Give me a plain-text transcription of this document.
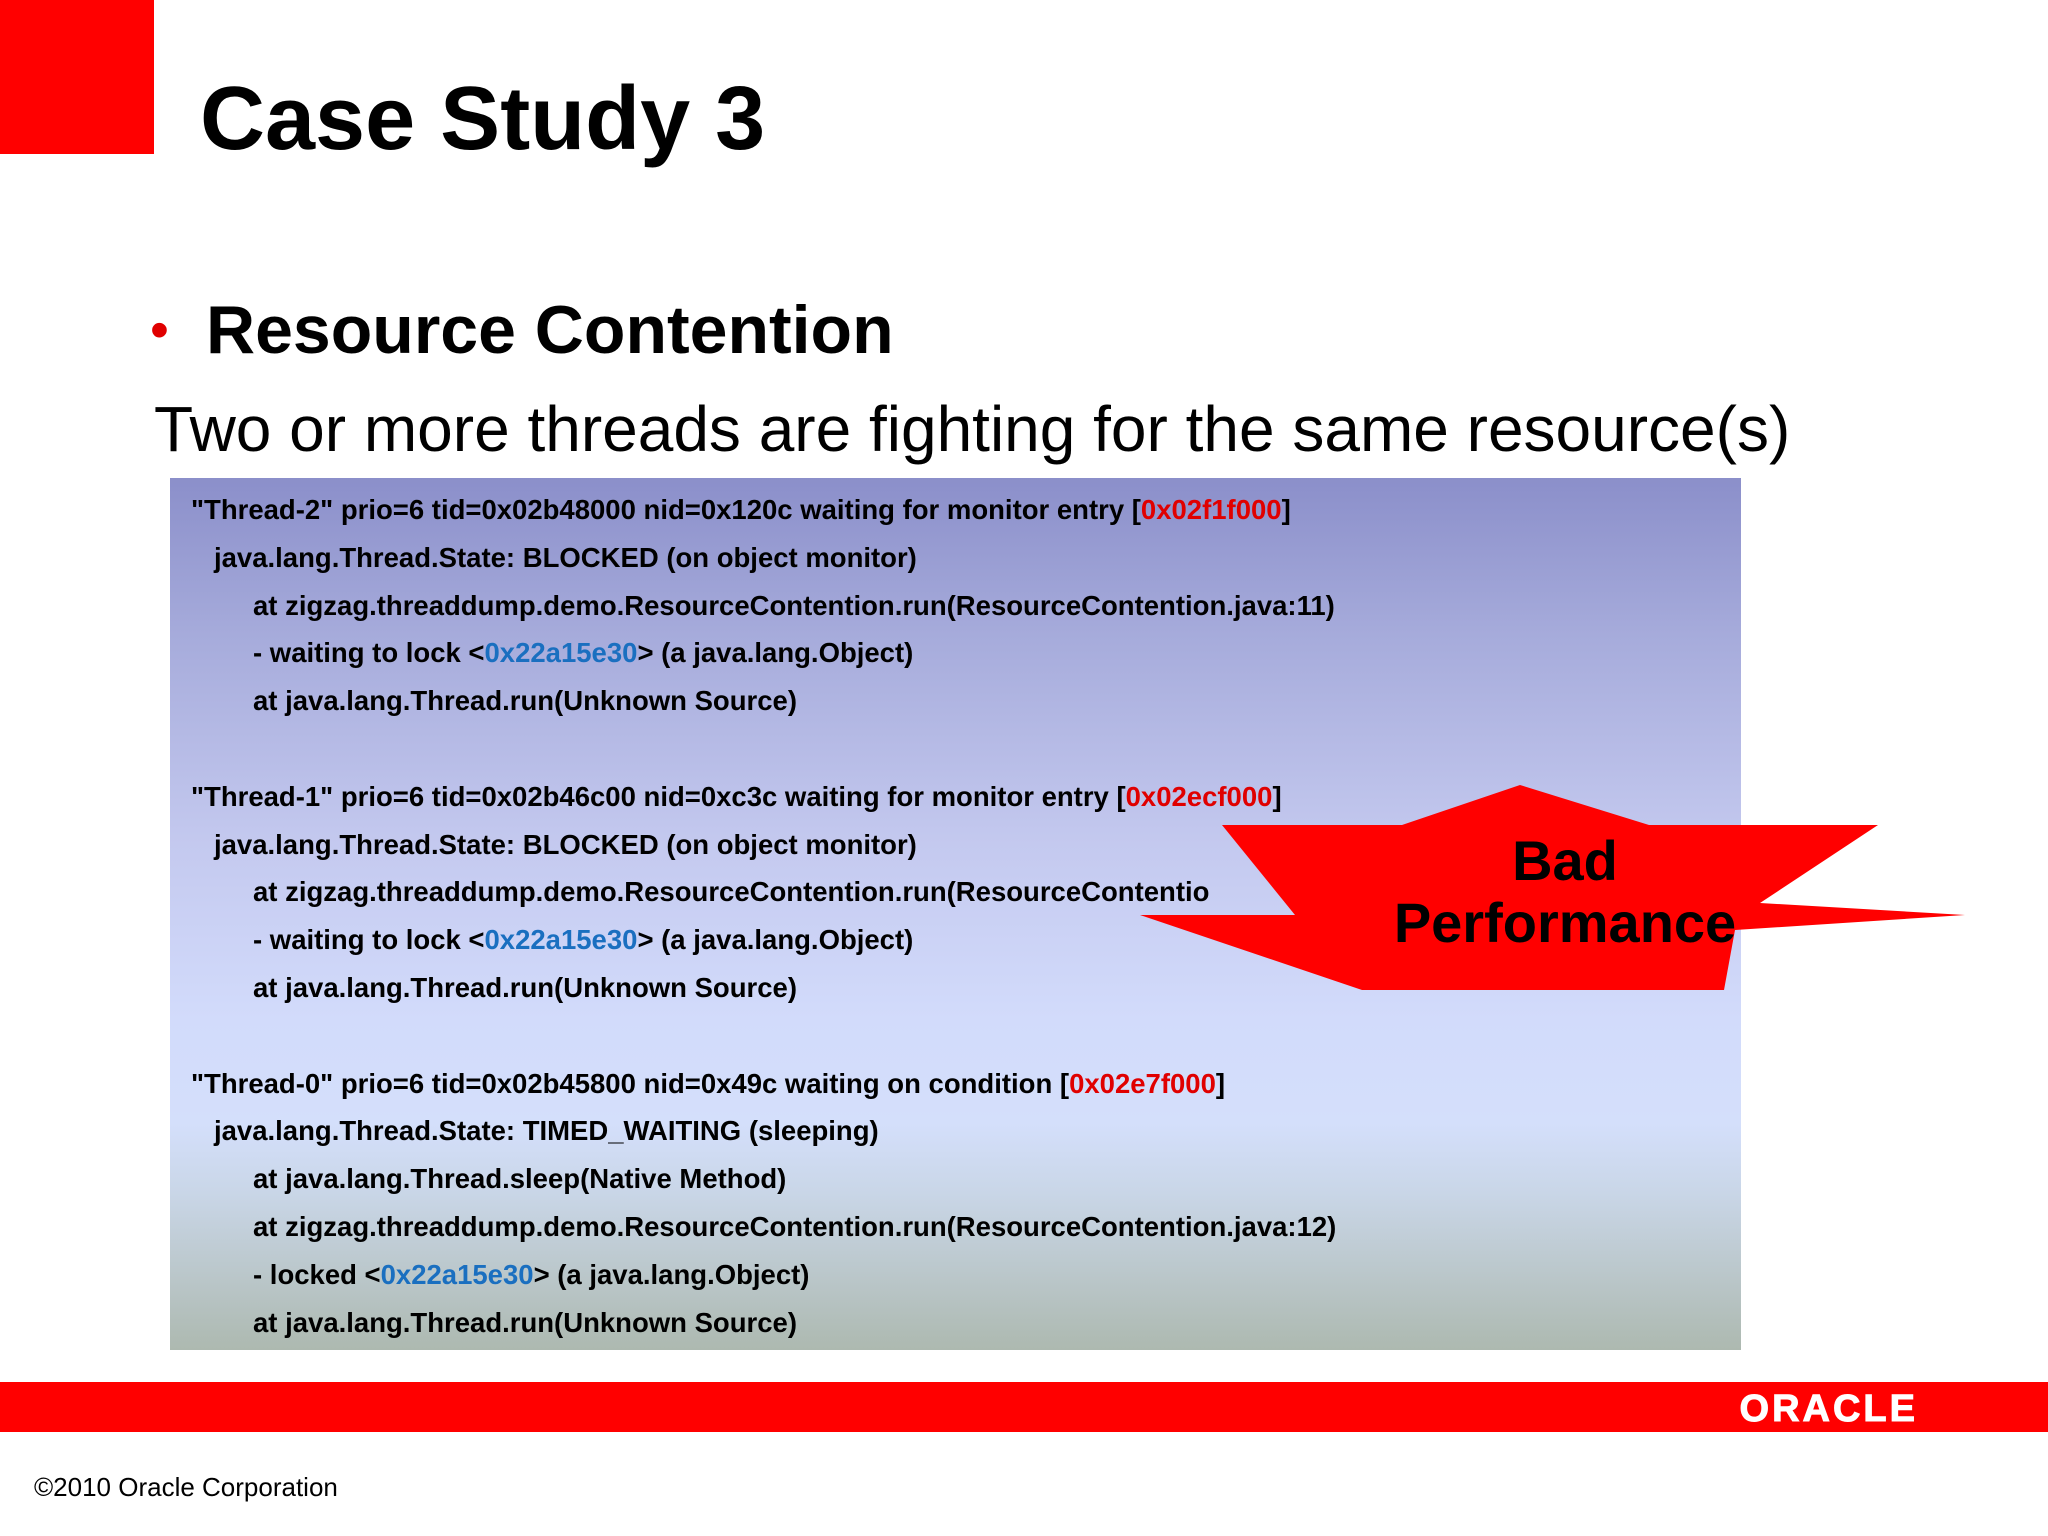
Case Study 3
• Resource Contention
Two or more threads are fighting for the same resource(s)
"Thread-2" prio=6 tid=0x02b48000 nid=0x120c waiting for monitor entry [0x02f1f000]
java.lang.Thread.State: BLOCKED (on object monitor)
at zigzag.threaddump.demo.ResourceContention.run(ResourceContention.java:11)
- waiting to lock <0x22a15e30> (a java.lang.Object)
at java.lang.Thread.run(Unknown Source)
"Thread-1" prio=6 tid=0x02b46c00 nid=0xc3c waiting for monitor entry [0x02ecf000]
java.lang.Thread.State: BLOCKED (on object monitor)
at zigzag.threaddump.demo.ResourceContention.run(ResourceContentio
- waiting to lock <0x22a15e30> (a java.lang.Object)
at java.lang.Thread.run(Unknown Source)
"Thread-0" prio=6 tid=0x02b45800 nid=0x49c waiting on condition [0x02e7f000]
java.lang.Thread.State: TIMED_WAITING (sleeping)
at java.lang.Thread.sleep(Native Method)
at zigzag.threaddump.demo.ResourceContention.run(ResourceContention.java:12)
- locked <0x22a15e30> (a java.lang.Object)
at java.lang.Thread.run(Unknown Source)
Bad
Performance
ORACLE
©2010 Oracle Corporation
